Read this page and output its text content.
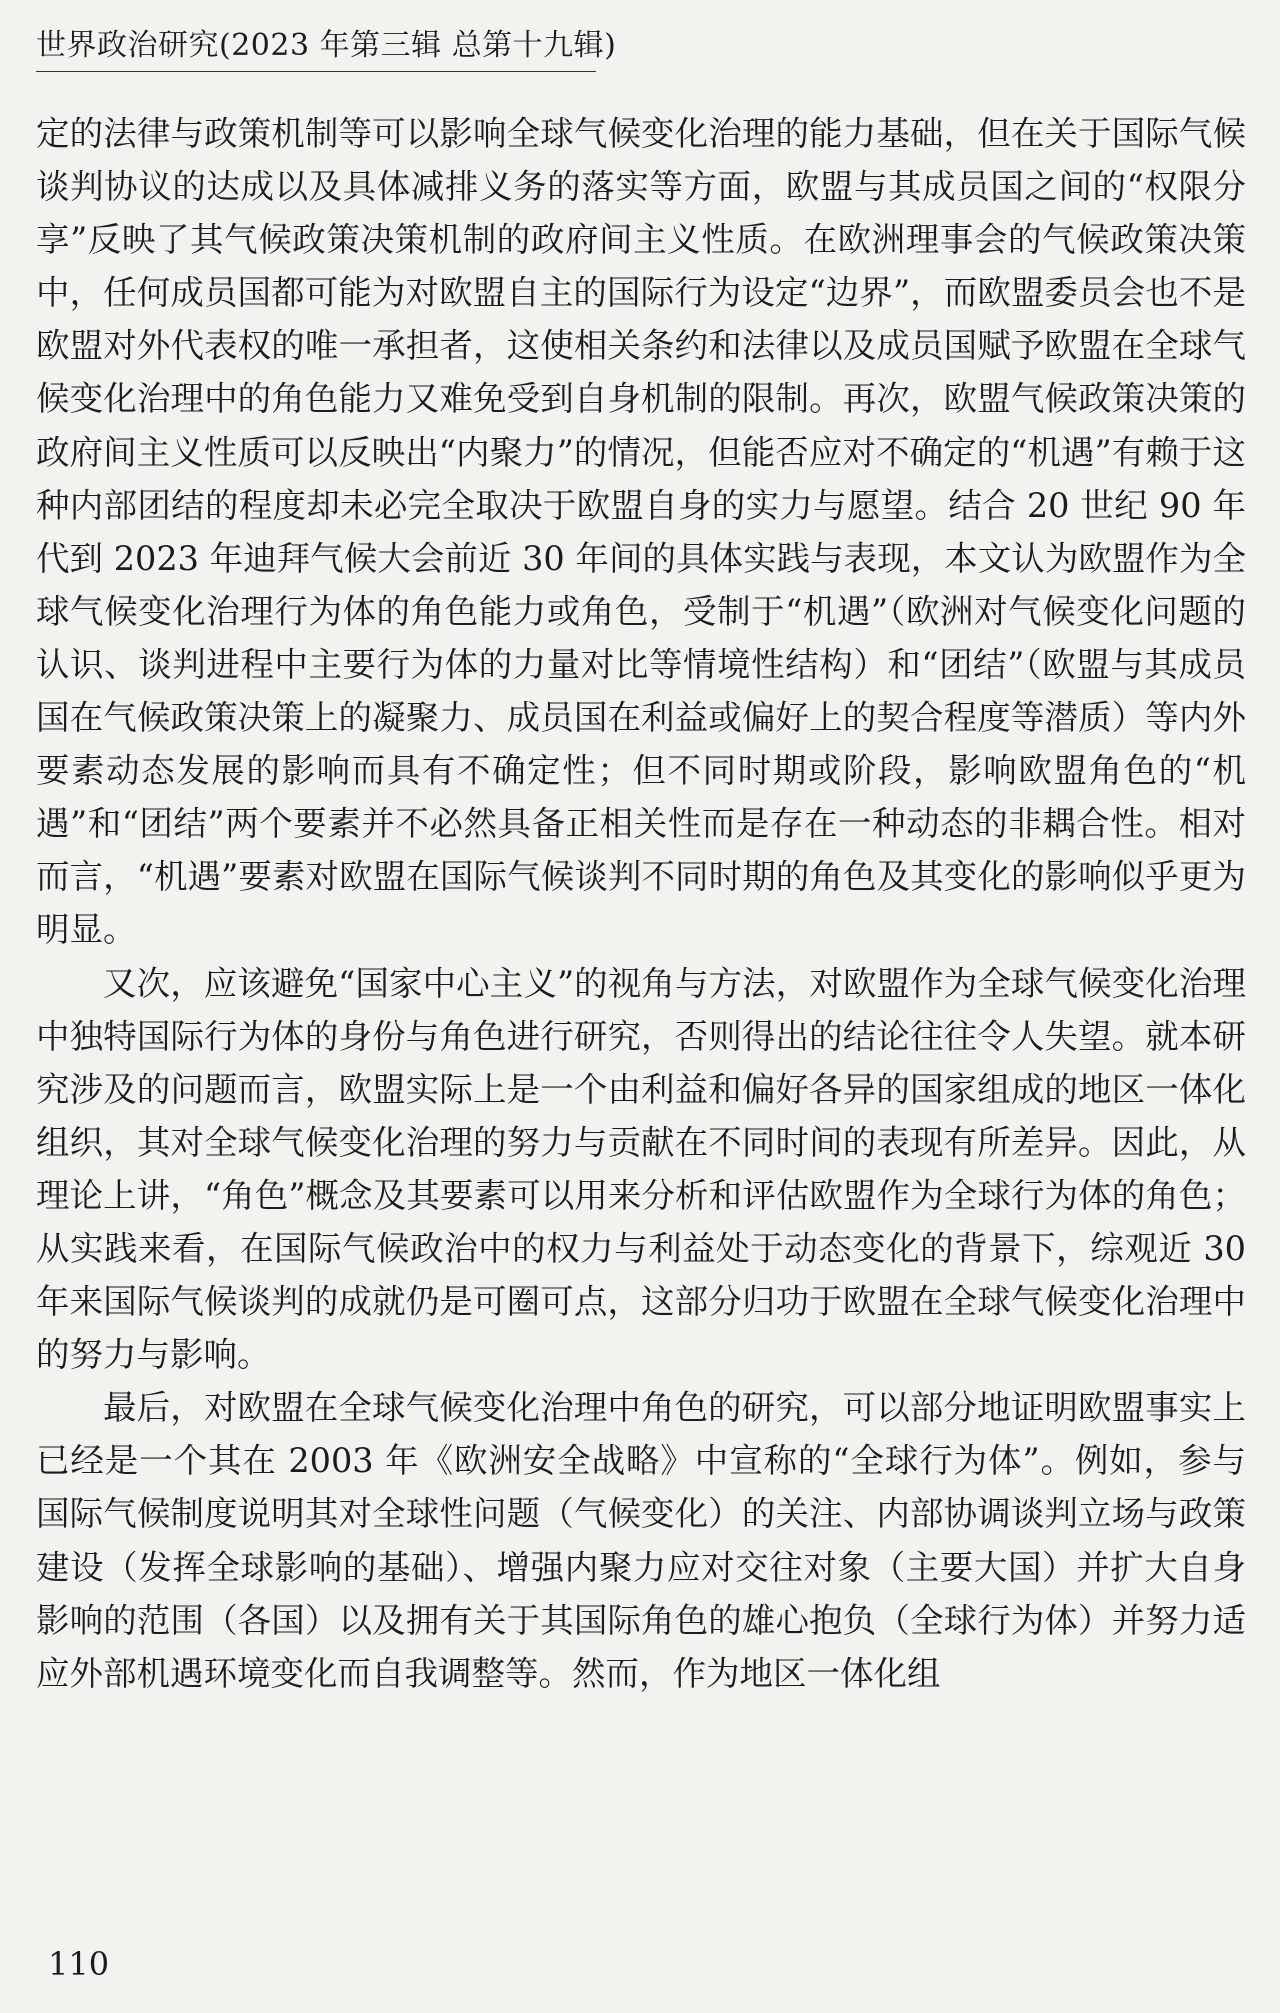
世界政治研究(2023 年第三辑 总第十九辑)

定的法律与政策机制等可以影响全球气候变化治理的能力基础，但在关于国际气候谈判协议的达成以及具体减排义务的落实等方面，欧盟与其成员国之间的“权限分享”反映了其气候政策决策机制的政府间主义性质。在欧洲理事会的气候政策决策中，任何成员国都可能为对欧盟自主的国际行为设定“边界”，而欧盟委员会也不是欧盟对外代表权的唯一承担者，这使相关条约和法律以及成员国赋予欧盟在全球气候变化治理中的角色能力又难免受到自身机制的限制。再次，欧盟气候政策决策的政府间主义性质可以反映出“内聚力”的情况，但能否应对不确定的“机遇”有赖于这种内部团结的程度却未必完全取决于欧盟自身的实力与愿望。结合 20 世纪 90 年代到 2023 年迪拜气候大会前近 30 年间的具体实践与表现，本文认为欧盟作为全球气候变化治理行为体的角色能力或角色，受制于“机遇”（欧洲对气候变化问题的认识、谈判进程中主要行为体的力量对比等情境性结构）和“团结”（欧盟与其成员国在气候政策决策上的凝聚力、成员国在利益或偏好上的契合程度等潜质）等内外要素动态发展的影响而具有不确定性；但不同时期或阶段，影响欧盟角色的“机遇”和“团结”两个要素并不必然具备正相关性而是存在一种动态的非耦合性。相对而言，“机遇”要素对欧盟在国际气候谈判不同时期的角色及其变化的影响似乎更为明显。

又次，应该避免“国家中心主义”的视角与方法，对欧盟作为全球气候变化治理中独特国际行为体的身份与角色进行研究，否则得出的结论往往令人失望。就本研究涉及的问题而言，欧盟实际上是一个由利益和偏好各异的国家组成的地区一体化组织，其对全球气候变化治理的努力与贡献在不同时间的表现有所差异。因此，从理论上讲，“角色”概念及其要素可以用来分析和评估欧盟作为全球行为体的角色；从实践来看，在国际气候政治中的权力与利益处于动态变化的背景下，综观近 30 年来国际气候谈判的成就仍是可圈可点，这部分归功于欧盟在全球气候变化治理中的努力与影响。

最后，对欧盟在全球气候变化治理中角色的研究，可以部分地证明欧盟事实上已经是一个其在 2003 年《欧洲安全战略》中宣称的“全球行为体”。例如，参与国际气候制度说明其对全球性问题（气候变化）的关注、内部协调谈判立场与政策建设（发挥全球影响的基础）、增强内聚力应对交往对象（主要大国）并扩大自身影响的范围（各国）以及拥有关于其国际角色的雄心抱负（全球行为体）并努力适应外部机遇环境变化而自我调整等。然而，作为地区一体化组

110
